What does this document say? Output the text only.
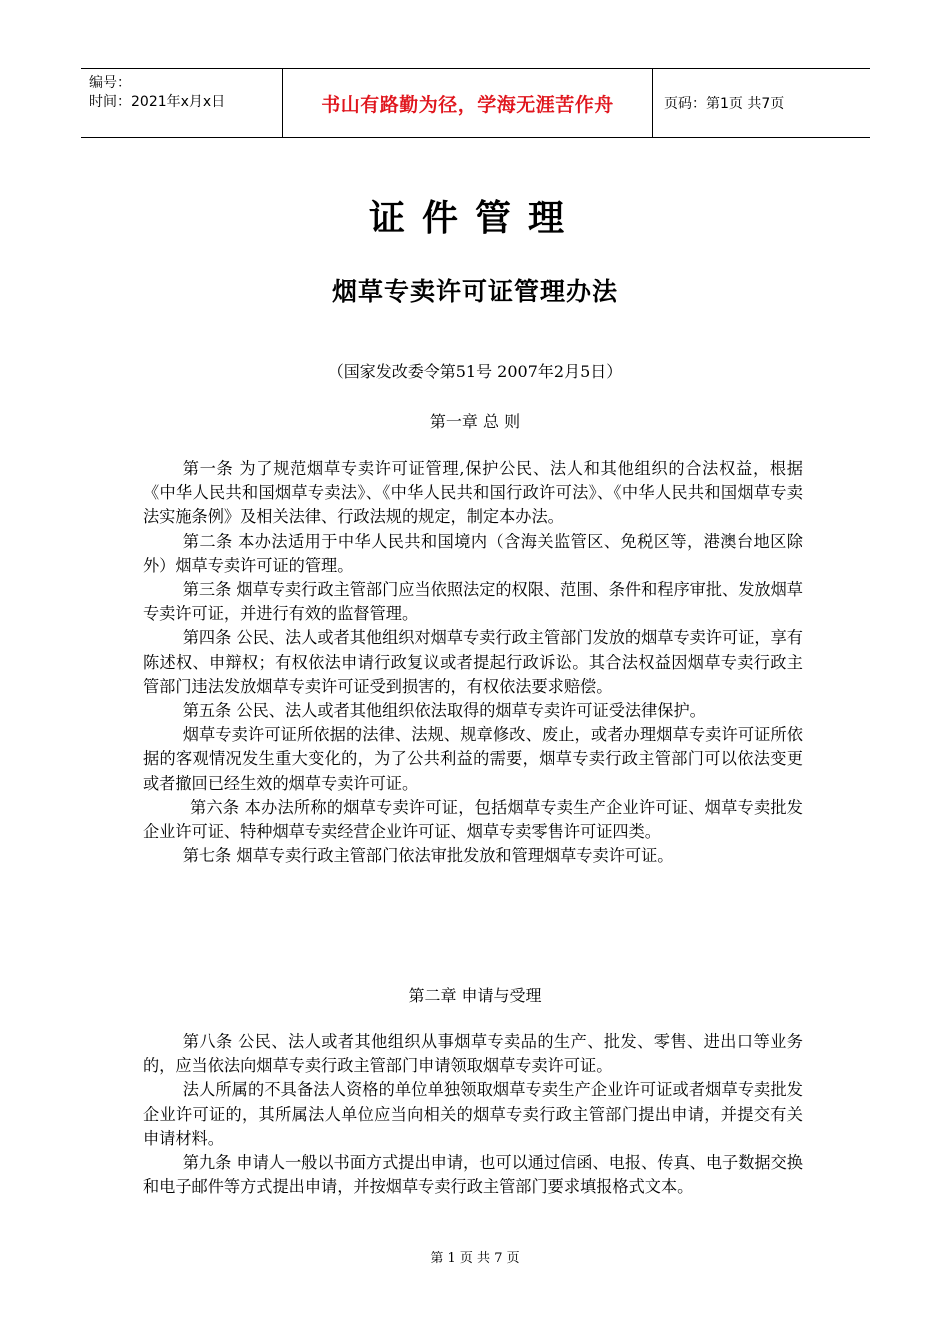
编号：
时间：2021年x月x日	书山有路勤为径，学海无涯苦作舟	页码：第1页 共7页
证件管理
烟草专卖许可证管理办法
（国家发改委令第51号 2007年2月5日）
第一章 总 则

第一条 为了规范烟草专卖许可证管理,保护公民、法人和其他组织的合法权益，根据《中华人民共和国烟草专卖法》、《中华人民共和国行政许可法》、《中华人民共和国烟草专卖法实施条例》及相关法律、行政法规的规定，制定本办法。

第二条 本办法适用于中华人民共和国境内（含海关监管区、免税区等，港澳台地区除外）烟草专卖许可证的管理。

第三条 烟草专卖行政主管部门应当依照法定的权限、范围、条件和程序审批、发放烟草专卖许可证，并进行有效的监督管理。

第四条 公民、法人或者其他组织对烟草专卖行政主管部门发放的烟草专卖许可证，享有陈述权、申辩权；有权依法申请行政复议或者提起行政诉讼。其合法权益因烟草专卖行政主管部门违法发放烟草专卖许可证受到损害的，有权依法要求赔偿。

第五条 公民、法人或者其他组织依法取得的烟草专卖许可证受法律保护。

烟草专卖许可证所依据的法律、法规、规章修改、废止，或者办理烟草专卖许可证所依据的客观情况发生重大变化的，为了公共利益的需要，烟草专卖行政主管部门可以依法变更或者撤回已经生效的烟草专卖许可证。

第六条 本办法所称的烟草专卖许可证，包括烟草专卖生产企业许可证、烟草专卖批发企业许可证、特种烟草专卖经营企业许可证、烟草专卖零售许可证四类。

第七条 烟草专卖行政主管部门依法审批发放和管理烟草专卖许可证。

第二章 申请与受理

第八条 公民、法人或者其他组织从事烟草专卖品的生产、批发、零售、进出口等业务的，应当依法向烟草专卖行政主管部门申请领取烟草专卖许可证。

法人所属的不具备法人资格的单位单独领取烟草专卖生产企业许可证或者烟草专卖批发企业许可证的，其所属法人单位应当向相关的烟草专卖行政主管部门提出申请，并提交有关申请材料。

第九条 申请人一般以书面方式提出申请，也可以通过信函、电报、传真、电子数据交换和电子邮件等方式提出申请，并按烟草专卖行政主管部门要求填报格式文本。

第 1 页 共 7 页
